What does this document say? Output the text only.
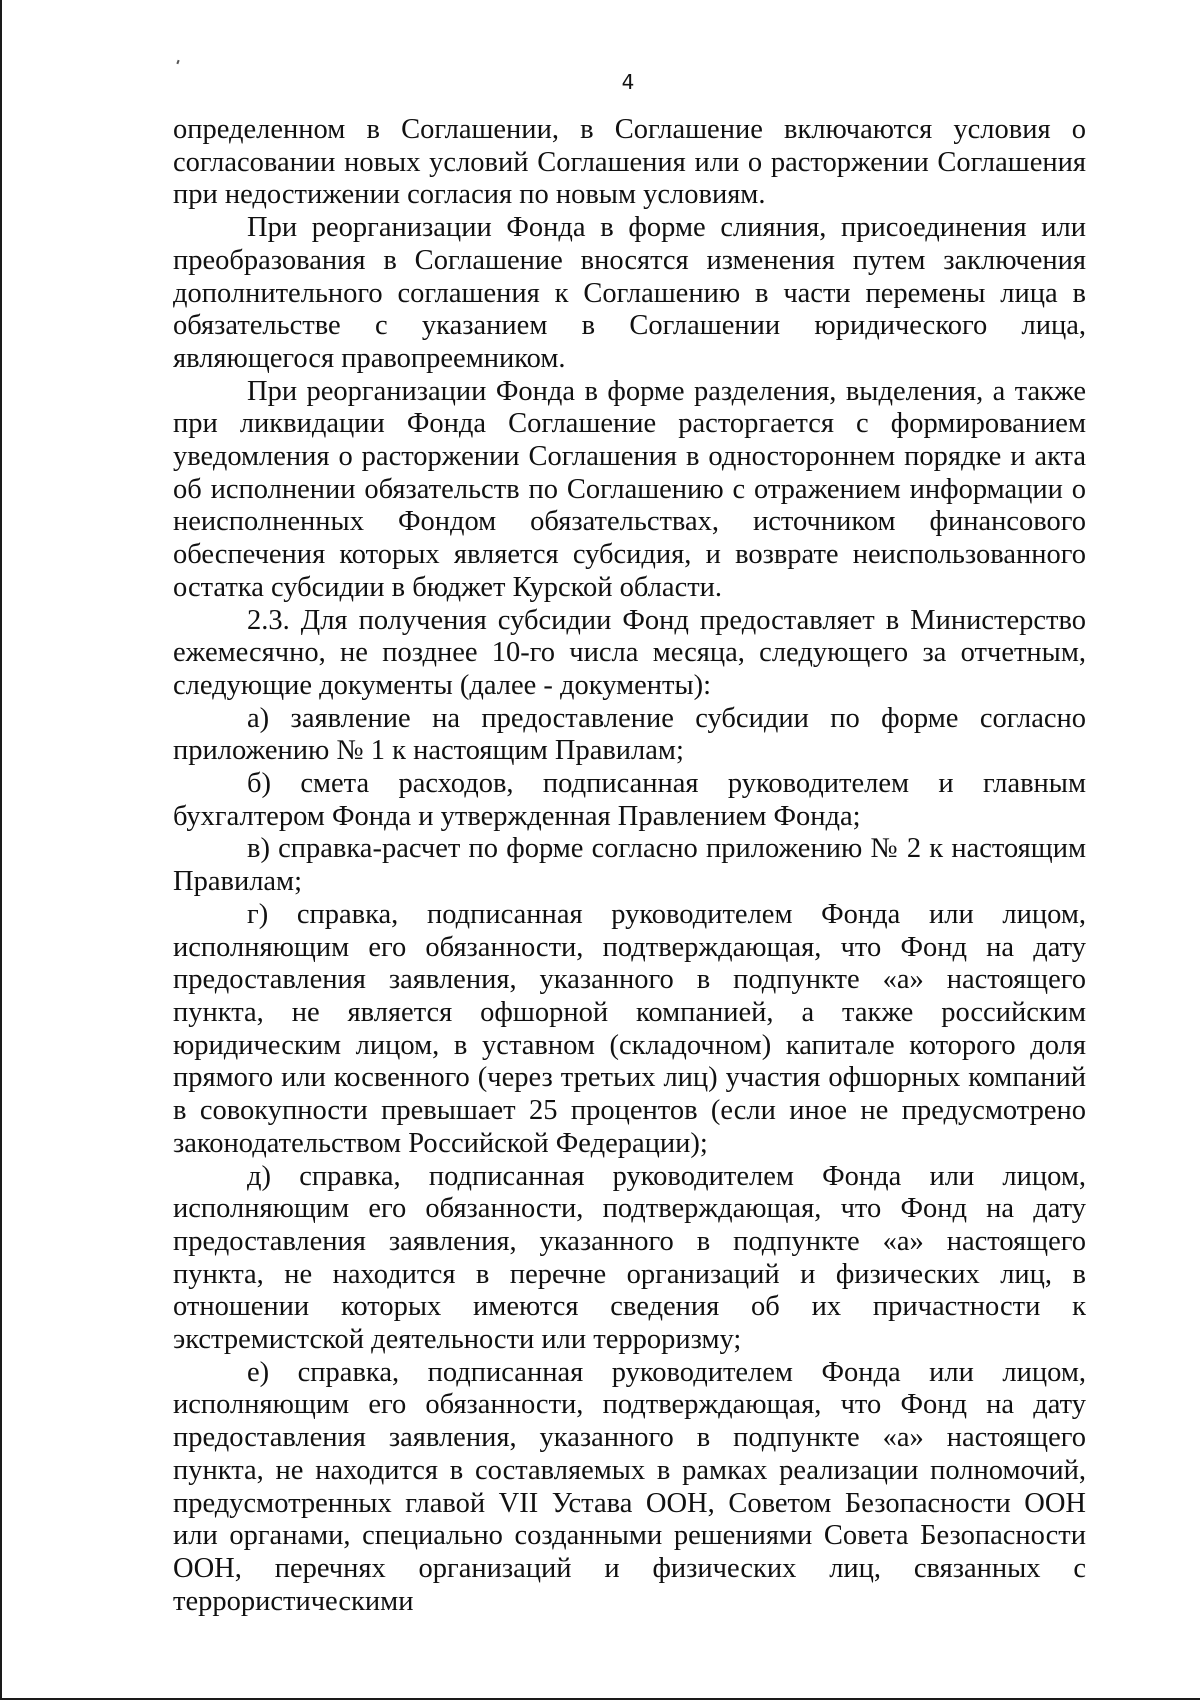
4

определенном в Соглашении, в Соглашение включаются условия о согласовании новых условий Соглашения или о расторжении Соглашения при недостижении согласия по новым условиям.

При реорганизации Фонда в форме слияния, присоединения или преобразования в Соглашение вносятся изменения путем заключения дополнительного соглашения к Соглашению в части перемены лица в обязательстве с указанием в Соглашении юридического лица, являющегося правопреемником.

При реорганизации Фонда в форме разделения, выделения, а также при ликвидации Фонда Соглашение расторгается с формированием уведомления о расторжении Соглашения в одностороннем порядке и акта об исполнении обязательств по Соглашению с отражением информации о неисполненных Фондом обязательствах, источником финансового обеспечения которых является субсидия, и возврате неиспользованного остатка субсидии в бюджет Курской области.

2.3. Для получения субсидии Фонд предоставляет в Министерство ежемесячно, не позднее 10-го числа месяца, следующего за отчетным, следующие документы (далее - документы):

а) заявление на предоставление субсидии по форме согласно приложению № 1 к настоящим Правилам;

б) смета расходов, подписанная руководителем и главным бухгалтером Фонда и утвержденная Правлением Фонда;

в) справка-расчет по форме согласно приложению № 2 к настоящим Правилам;

г) справка, подписанная руководителем Фонда или лицом, исполняющим его обязанности, подтверждающая, что Фонд на дату предоставления заявления, указанного в подпункте «а» настоящего пункта, не является офшорной компанией, а также российским юридическим лицом, в уставном (складочном) капитале которого доля прямого или косвенного (через третьих лиц) участия офшорных компаний в совокупности превышает 25 процентов (если иное не предусмотрено законодательством Российской Федерации);

д) справка, подписанная руководителем Фонда или лицом, исполняющим его обязанности, подтверждающая, что Фонд на дату предоставления заявления, указанного в подпункте «а» настоящего пункта, не находится в перечне организаций и физических лиц, в отношении которых имеются сведения об их причастности к экстремистской деятельности или терроризму;

е) справка, подписанная руководителем Фонда или лицом, исполняющим его обязанности, подтверждающая, что Фонд на дату предоставления заявления, указанного в подпункте «а» настоящего пункта, не находится в составляемых в рамках реализации полномочий, предусмотренных главой VII Устава ООН, Советом Безопасности ООН или органами, специально созданными решениями Совета Безопасности ООН, перечнях организаций и физических лиц, связанных с террористическими
